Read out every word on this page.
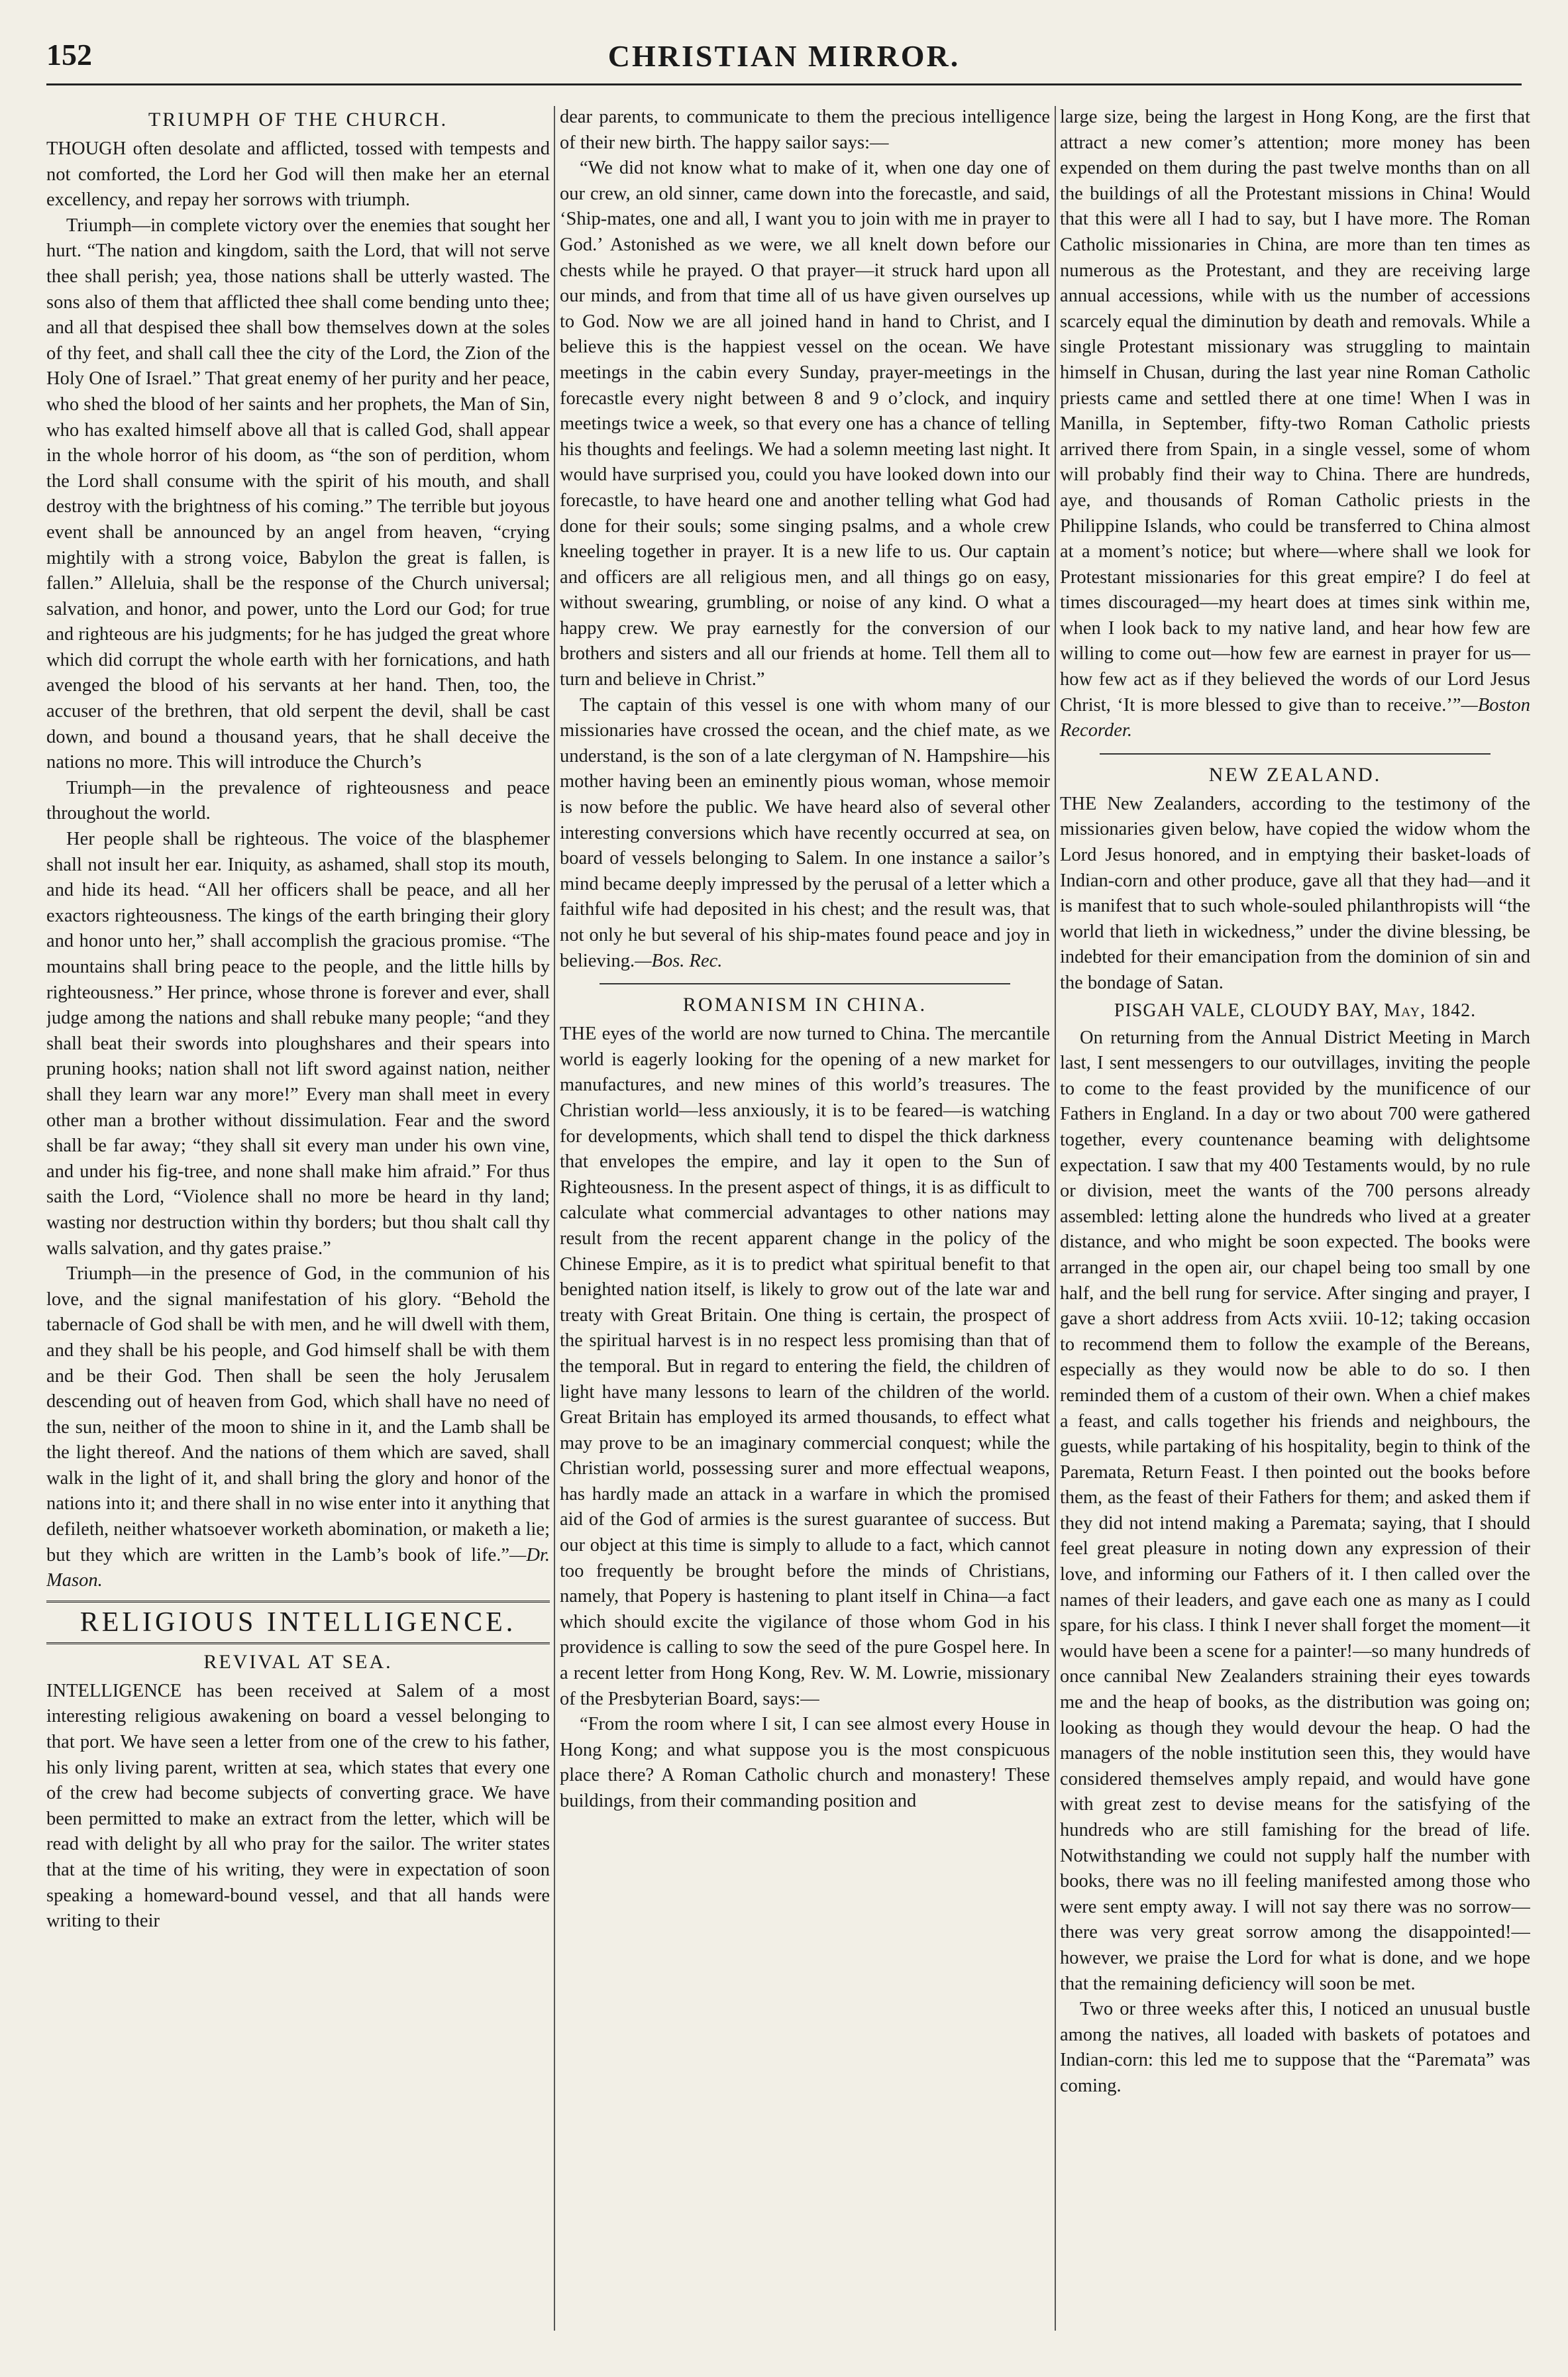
152	CHRISTIAN MIRROR.
TRIUMPH OF THE CHURCH.

THOUGH often desolate and afflicted, tossed with tempests and not comforted, the Lord her God will then make her an eternal excellency, and repay her sorrows with triumph.

Triumph—in complete victory over the enemies that sought her hurt. “The nation and kingdom, saith the Lord, that will not serve thee shall perish; yea, those nations shall be utterly wasted. The sons also of them that afflicted thee shall come bending unto thee; and all that despised thee shall bow themselves down at the soles of thy feet, and shall call thee the city of the Lord, the Zion of the Holy One of Israel.” That great enemy of her purity and her peace, who shed the blood of her saints and her prophets, the Man of Sin, who has exalted himself above all that is called God, shall appear in the whole horror of his doom, as “the son of perdition, whom the Lord shall consume with the spirit of his mouth, and shall destroy with the brightness of his coming.” The terrible but joyous event shall be announced by an angel from heaven, “crying mightily with a strong voice, Babylon the great is fallen, is fallen.” Alleluia, shall be the response of the Church universal; salvation, and honor, and power, unto the Lord our God; for true and righteous are his judgments; for he has judged the great whore which did corrupt the whole earth with her fornications, and hath avenged the blood of his servants at her hand. Then, too, the accuser of the brethren, that old serpent the devil, shall be cast down, and bound a thousand years, that he shall deceive the nations no more. This will introduce the Church’s

Triumph—in the prevalence of righteousness and peace throughout the world.

Her people shall be righteous. The voice of the blasphemer shall not insult her ear. Iniquity, as ashamed, shall stop its mouth, and hide its head. “All her officers shall be peace, and all her exactors righteousness. The kings of the earth bringing their glory and honor unto her,” shall accomplish the gracious promise. “The mountains shall bring peace to the people, and the little hills by righteousness.” Her prince, whose throne is forever and ever, shall judge among the nations and shall rebuke many people; “and they shall beat their swords into ploughshares and their spears into pruning hooks; nation shall not lift sword against nation, neither shall they learn war any more!” Every man shall meet in every other man a brother without dissimulation. Fear and the sword shall be far away; “they shall sit every man under his own vine, and under his fig-tree, and none shall make him afraid.” For thus saith the Lord, “Violence shall no more be heard in thy land; wasting nor destruction within thy borders; but thou shalt call thy walls salvation, and thy gates praise.”

Triumph—in the presence of God, in the communion of his love, and the signal manifestation of his glory. “Behold the tabernacle of God shall be with men, and he will dwell with them, and they shall be his people, and God himself shall be with them and be their God. Then shall be seen the holy Jerusalem descending out of heaven from God, which shall have no need of the sun, neither of the moon to shine in it, and the Lamb shall be the light thereof. And the nations of them which are saved, shall walk in the light of it, and shall bring the glory and honor of the nations into it; and there shall in no wise enter into it anything that defileth, neither whatsoever worketh abomination, or maketh a lie; but they which are written in the Lamb’s book of life.”—Dr. Mason.

RELIGIOUS INTELLIGENCE.
REVIVAL AT SEA.

INTELLIGENCE has been received at Salem of a most interesting religious awakening on board a vessel belonging to that port. We have seen a letter from one of the crew to his father, his only living parent, written at sea, which states that every one of the crew had become subjects of converting grace. We have been permitted to make an extract from the letter, which will be read with delight by all who pray for the sailor. The writer states that at the time of his writing, they were in expectation of soon speaking a homeward-bound vessel, and that all hands were writing to their

dear parents, to communicate to them the precious intelligence of their new birth. The happy sailor says:—

“We did not know what to make of it, when one day one of our crew, an old sinner, came down into the forecastle, and said, ‘Ship-mates, one and all, I want you to join with me in prayer to God.’ Astonished as we were, we all knelt down before our chests while he prayed. O that prayer—it struck hard upon all our minds, and from that time all of us have given ourselves up to God. Now we are all joined hand in hand to Christ, and I believe this is the happiest vessel on the ocean. We have meetings in the cabin every Sunday, prayer-meetings in the forecastle every night between 8 and 9 o’clock, and inquiry meetings twice a week, so that every one has a chance of telling his thoughts and feelings. We had a solemn meeting last night. It would have surprised you, could you have looked down into our forecastle, to have heard one and another telling what God had done for their souls; some singing psalms, and a whole crew kneeling together in prayer. It is a new life to us. Our captain and officers are all religious men, and all things go on easy, without swearing, grumbling, or noise of any kind. O what a happy crew. We pray earnestly for the conversion of our brothers and sisters and all our friends at home. Tell them all to turn and believe in Christ.”

The captain of this vessel is one with whom many of our missionaries have crossed the ocean, and the chief mate, as we understand, is the son of a late clergyman of N. Hampshire—his mother having been an eminently pious woman, whose memoir is now before the public. We have heard also of several other interesting conversions which have recently occurred at sea, on board of vessels belonging to Salem. In one instance a sailor’s mind became deeply impressed by the perusal of a letter which a faithful wife had deposited in his chest; and the result was, that not only he but several of his ship-mates found peace and joy in believing.—Bos. Rec.

ROMANISM IN CHINA.

THE eyes of the world are now turned to China. The mercantile world is eagerly looking for the opening of a new market for manufactures, and new mines of this world’s treasures. The Christian world—less anxiously, it is to be feared—is watching for developments, which shall tend to dispel the thick darkness that envelopes the empire, and lay it open to the Sun of Righteousness. In the present aspect of things, it is as difficult to calculate what commercial advantages to other nations may result from the recent apparent change in the policy of the Chinese Empire, as it is to predict what spiritual benefit to that benighted nation itself, is likely to grow out of the late war and treaty with Great Britain. One thing is certain, the prospect of the spiritual harvest is in no respect less promising than that of the temporal. But in regard to entering the field, the children of light have many lessons to learn of the children of the world. Great Britain has employed its armed thousands, to effect what may prove to be an imaginary commercial conquest; while the Christian world, possessing surer and more effectual weapons, has hardly made an attack in a warfare in which the promised aid of the God of armies is the surest guarantee of success. But our object at this time is simply to allude to a fact, which cannot too frequently be brought before the minds of Christians, namely, that Popery is hastening to plant itself in China—a fact which should excite the vigilance of those whom God in his providence is calling to sow the seed of the pure Gospel here. In a recent letter from Hong Kong, Rev. W. M. Lowrie, missionary of the Presbyterian Board, says:—

“From the room where I sit, I can see almost every House in Hong Kong; and what suppose you is the most conspicuous place there? A Roman Catholic church and monastery! These buildings, from their commanding position and

large size, being the largest in Hong Kong, are the first that attract a new comer’s attention; more money has been expended on them during the past twelve months than on all the buildings of all the Protestant missions in China! Would that this were all I had to say, but I have more. The Roman Catholic missionaries in China, are more than ten times as numerous as the Protestant, and they are receiving large annual accessions, while with us the number of accessions scarcely equal the diminution by death and removals. While a single Protestant missionary was struggling to maintain himself in Chusan, during the last year nine Roman Catholic priests came and settled there at one time! When I was in Manilla, in September, fifty-two Roman Catholic priests arrived there from Spain, in a single vessel, some of whom will probably find their way to China. There are hundreds, aye, and thousands of Roman Catholic priests in the Philippine Islands, who could be transferred to China almost at a moment’s notice; but where—where shall we look for Protestant missionaries for this great empire? I do feel at times discouraged—my heart does at times sink within me, when I look back to my native land, and hear how few are willing to come out—how few are earnest in prayer for us—how few act as if they believed the words of our Lord Jesus Christ, ‘It is more blessed to give than to receive.’”—Boston Recorder.

NEW ZEALAND.

THE New Zealanders, according to the testimony of the missionaries given below, have copied the widow whom the Lord Jesus honored, and in emptying their basket-loads of Indian-corn and other produce, gave all that they had—and it is manifest that to such whole-souled philanthropists will “the world that lieth in wickedness,” under the divine blessing, be indebted for their emancipation from the dominion of sin and the bondage of Satan.

PISGAH VALE, CLOUDY BAY, May, 1842.

On returning from the Annual District Meeting in March last, I sent messengers to our outvillages, inviting the people to come to the feast provided by the munificence of our Fathers in England. In a day or two about 700 were gathered together, every countenance beaming with delightsome expectation. I saw that my 400 Testaments would, by no rule or division, meet the wants of the 700 persons already assembled: letting alone the hundreds who lived at a greater distance, and who might be soon expected. The books were arranged in the open air, our chapel being too small by one half, and the bell rung for service. After singing and prayer, I gave a short address from Acts xviii. 10-12; taking occasion to recommend them to follow the example of the Bereans, especially as they would now be able to do so. I then reminded them of a custom of their own. When a chief makes a feast, and calls together his friends and neighbours, the guests, while partaking of his hospitality, begin to think of the Paremata, Return Feast. I then pointed out the books before them, as the feast of their Fathers for them; and asked them if they did not intend making a Paremata; saying, that I should feel great pleasure in noting down any expression of their love, and informing our Fathers of it. I then called over the names of their leaders, and gave each one as many as I could spare, for his class. I think I never shall forget the moment—it would have been a scene for a painter!—so many hundreds of once cannibal New Zealanders straining their eyes towards me and the heap of books, as the distribution was going on; looking as though they would devour the heap. O had the managers of the noble institution seen this, they would have considered themselves amply repaid, and would have gone with great zest to devise means for the satisfying of the hundreds who are still famishing for the bread of life. Notwithstanding we could not supply half the number with books, there was no ill feeling manifested among those who were sent empty away. I will not say there was no sorrow—there was very great sorrow among the disappointed!—however, we praise the Lord for what is done, and we hope that the remaining deficiency will soon be met.

Two or three weeks after this, I noticed an unusual bustle among the natives, all loaded with baskets of potatoes and Indian-corn: this led me to suppose that the “Paremata” was coming.
